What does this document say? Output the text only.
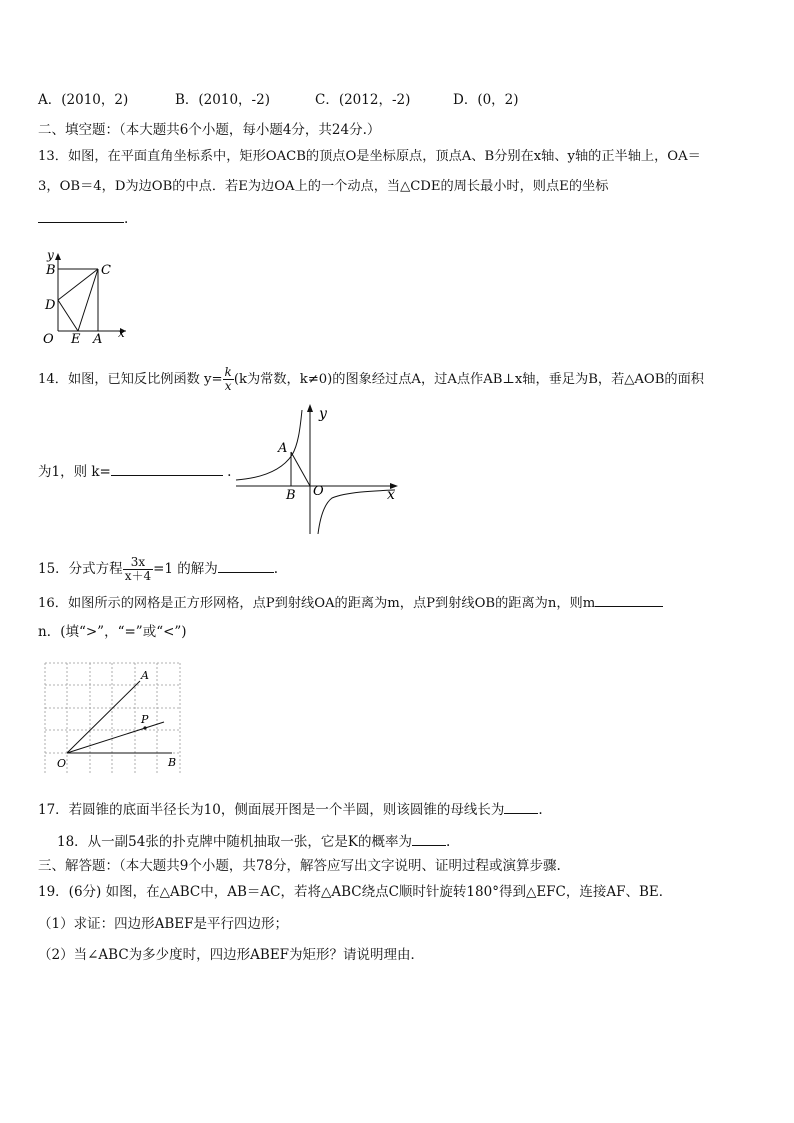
A．(2010，2)	B．(2010，-2)	C．(2012，-2)	D．(0，2)
二、填空题：（本大题共6个小题，每小题4分，共24分.）
13．如图，在平面直角坐标系中，矩形OACB的顶点O是坐标原点，顶点A、B分别在x轴、y轴的正半轴上，OA＝
3，OB＝4，D为边OB的中点．若E为边OA上的一个动点，当△CDE的周长最小时，则点E的坐标
.
y
x
B	C
D
O E A
14．如图，已知反比例函数 $y= \frac{k}{x} (k$为常数，k≠0)的图象经过点A，过A点作AB⊥x轴，垂足为B，若△AOB的面积
为1，则 k=	.
y
x
A
B O
15．分式方程 $\frac{3x}{x+4} =1$ 的解为	.
16．如图所示的网格是正方形网格，点P到射线OA的距离为m，点P到射线OB的距离为n，则m
n．(填“>”，“=”或“<”)
A
P
O	B
17．若圆锥的底面半径长为10，侧面展开图是一个半圆，则该圆锥的母线长为	.
18．从一副54张的扑克牌中随机抽取一张，它是K的概率为	.
三、解答题：（本大题共9个小题，共78分，解答应写出文字说明、证明过程或演算步骤.
19．(6分) 如图，在△ABC中，AB＝AC，若将△ABC绕点C顺时针旋转180°得到△EFC，连接AF、BE．
（1）求证：四边形ABEF是平行四边形；
（2）当∠ABC为多少度时，四边形ABEF为矩形？请说明理由．
